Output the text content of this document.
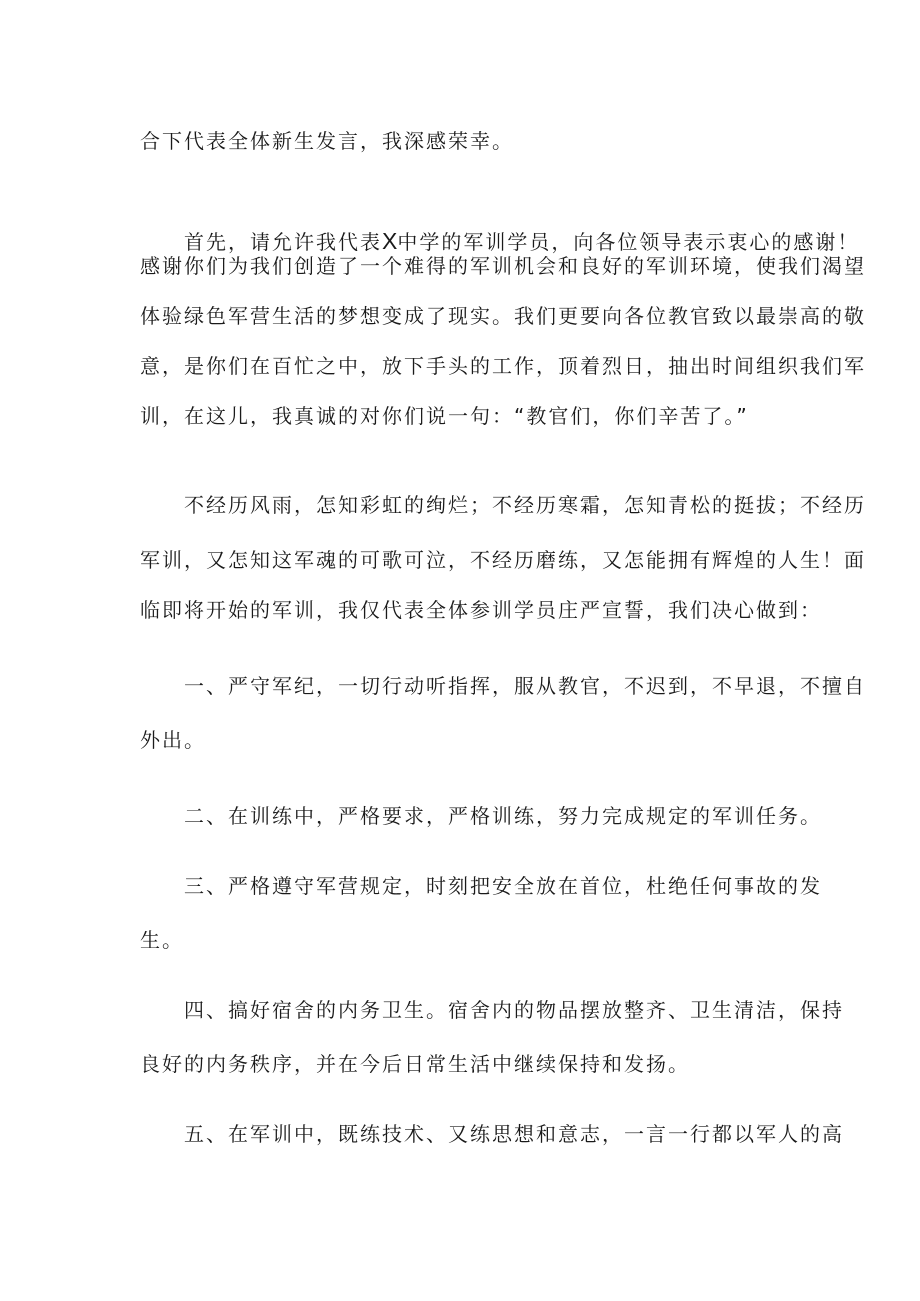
合下代表全体新生发言，我深感荣幸。
首先，请允许我代表X中学的军训学员，向各位领导表示衷心的感谢！
感谢你们为我们创造了一个难得的军训机会和良好的军训环境，使我们渴望
体验绿色军营生活的梦想变成了现实。我们更要向各位教官致以最崇高的敬
意，是你们在百忙之中，放下手头的工作，顶着烈日，抽出时间组织我们军
训，在这儿，我真诚的对你们说一句：“教官们，你们辛苦了。”
不经历风雨，怎知彩虹的绚烂；不经历寒霜，怎知青松的挺拔；不经历
军训，又怎知这军魂的可歌可泣，不经历磨练，又怎能拥有辉煌的人生！面
临即将开始的军训，我仅代表全体参训学员庄严宣誓，我们决心做到：
一、严守军纪，一切行动听指挥，服从教官，不迟到，不早退，不擅自
外出。
二、在训练中，严格要求，严格训练，努力完成规定的军训任务。
三、严格遵守军营规定，时刻把安全放在首位，杜绝任何事故的发
生。
四、搞好宿舍的内务卫生。宿舍内的物品摆放整齐、卫生清洁，保持
良好的内务秩序，并在今后日常生活中继续保持和发扬。
五、在军训中，既练技术、又练思想和意志，一言一行都以军人的高
